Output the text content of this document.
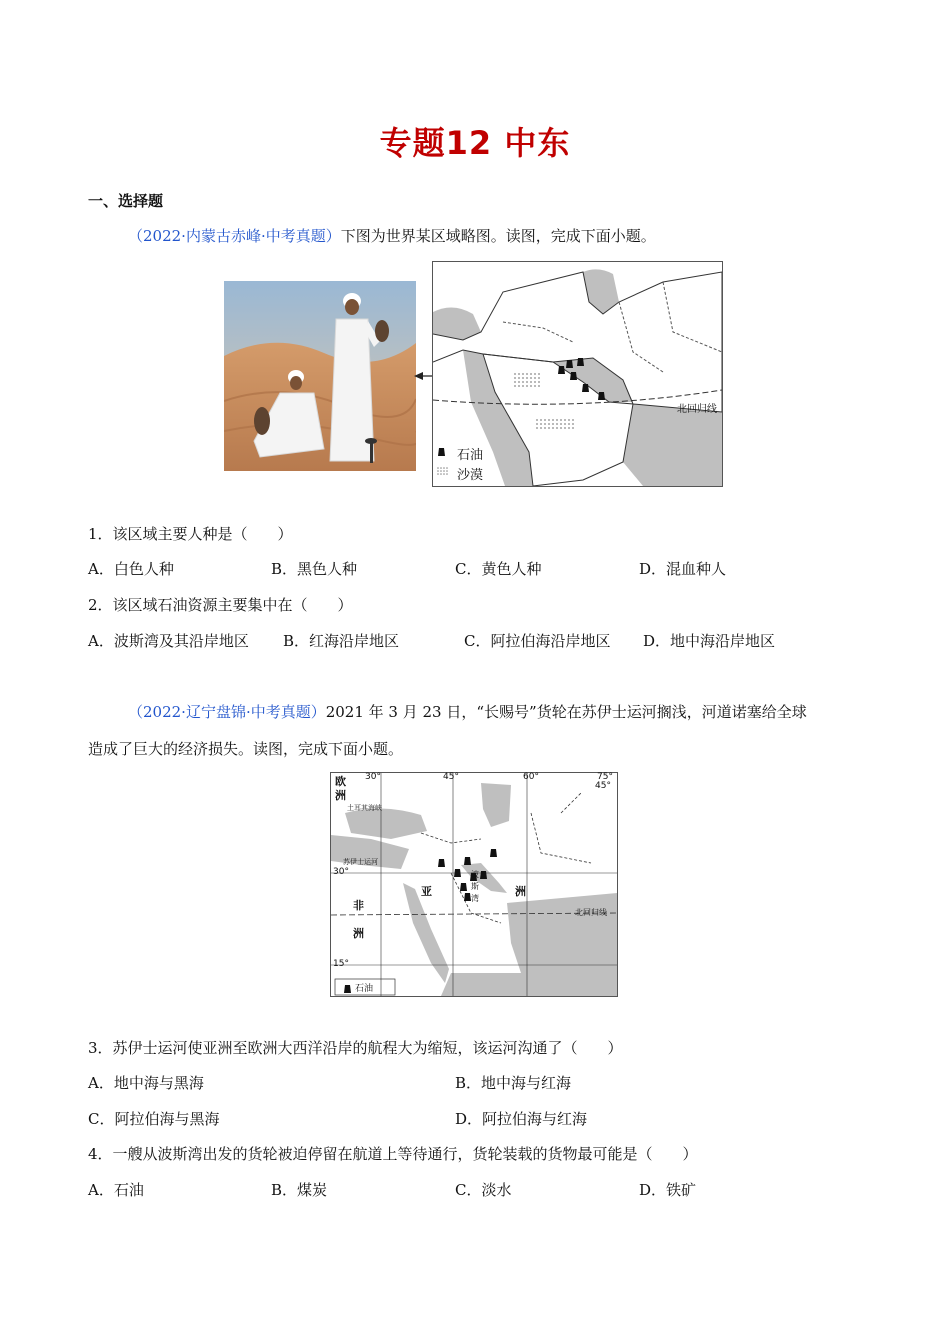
专题12 中东
一、选择题
（2022·内蒙古赤峰·中考真题）下图为世界某区域略图。读图，完成下面小题。
北回归线
石油
沙漠
1．该区域主要人种是（　　）
A．白色人种	B．黑色人种	C．黄色人种	D．混血种人
2．该区域石油资源主要集中在（　　）
A．波斯湾及其沿岸地区 B．红海沿岸地区	C．阿拉伯海沿岸地区 D．地中海沿岸地区
（2022·辽宁盘锦·中考真题）2021 年 3 月 23 日，“长赐号”货轮在苏伊士运河搁浅，河道诺塞给全球
造成了巨大的经济损失。读图，完成下面小题。
欧
洲
30°	45°	60°	75°
45°
30°
15°
土耳其海峡
苏伊士运河
亚	洲
非
洲
波斯湾
北回归线
石油
3．苏伊士运河使亚洲至欧洲大西洋沿岸的航程大为缩短，该运河沟通了（　　）
A．地中海与黑海	B．地中海与红海
C．阿拉伯海与黑海	D．阿拉伯海与红海
4．一艘从波斯湾出发的货轮被迫停留在航道上等待通行，货轮装载的货物最可能是（　　）
A．石油	B．煤炭	C．淡水	D．铁矿
